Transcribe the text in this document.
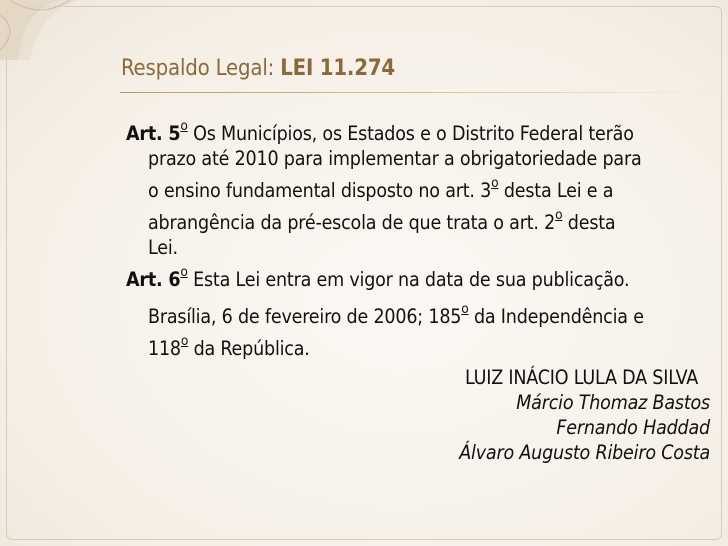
Respaldo Legal: LEI 11.274

Art. 5$^o$ Os Municípios, os Estados e o Distrito Federal terão
prazo até 2010 para implementar a obrigatoriedade para
o ensino fundamental disposto no art. 3$^o$ desta Lei e a
abrangência da pré-escola de que trata o art. 2$^o$ desta
Lei.

Art. 6$^o$ Esta Lei entra em vigor na data de sua publicação.

Brasília, 6 de fevereiro de 2006; 185$^o$ da Independência e
118$^o$ da República.

LUIZ INÁCIO LULA DA SILVA
Márcio Thomaz Bastos
Fernando Haddad
Álvaro Augusto Ribeiro Costa
